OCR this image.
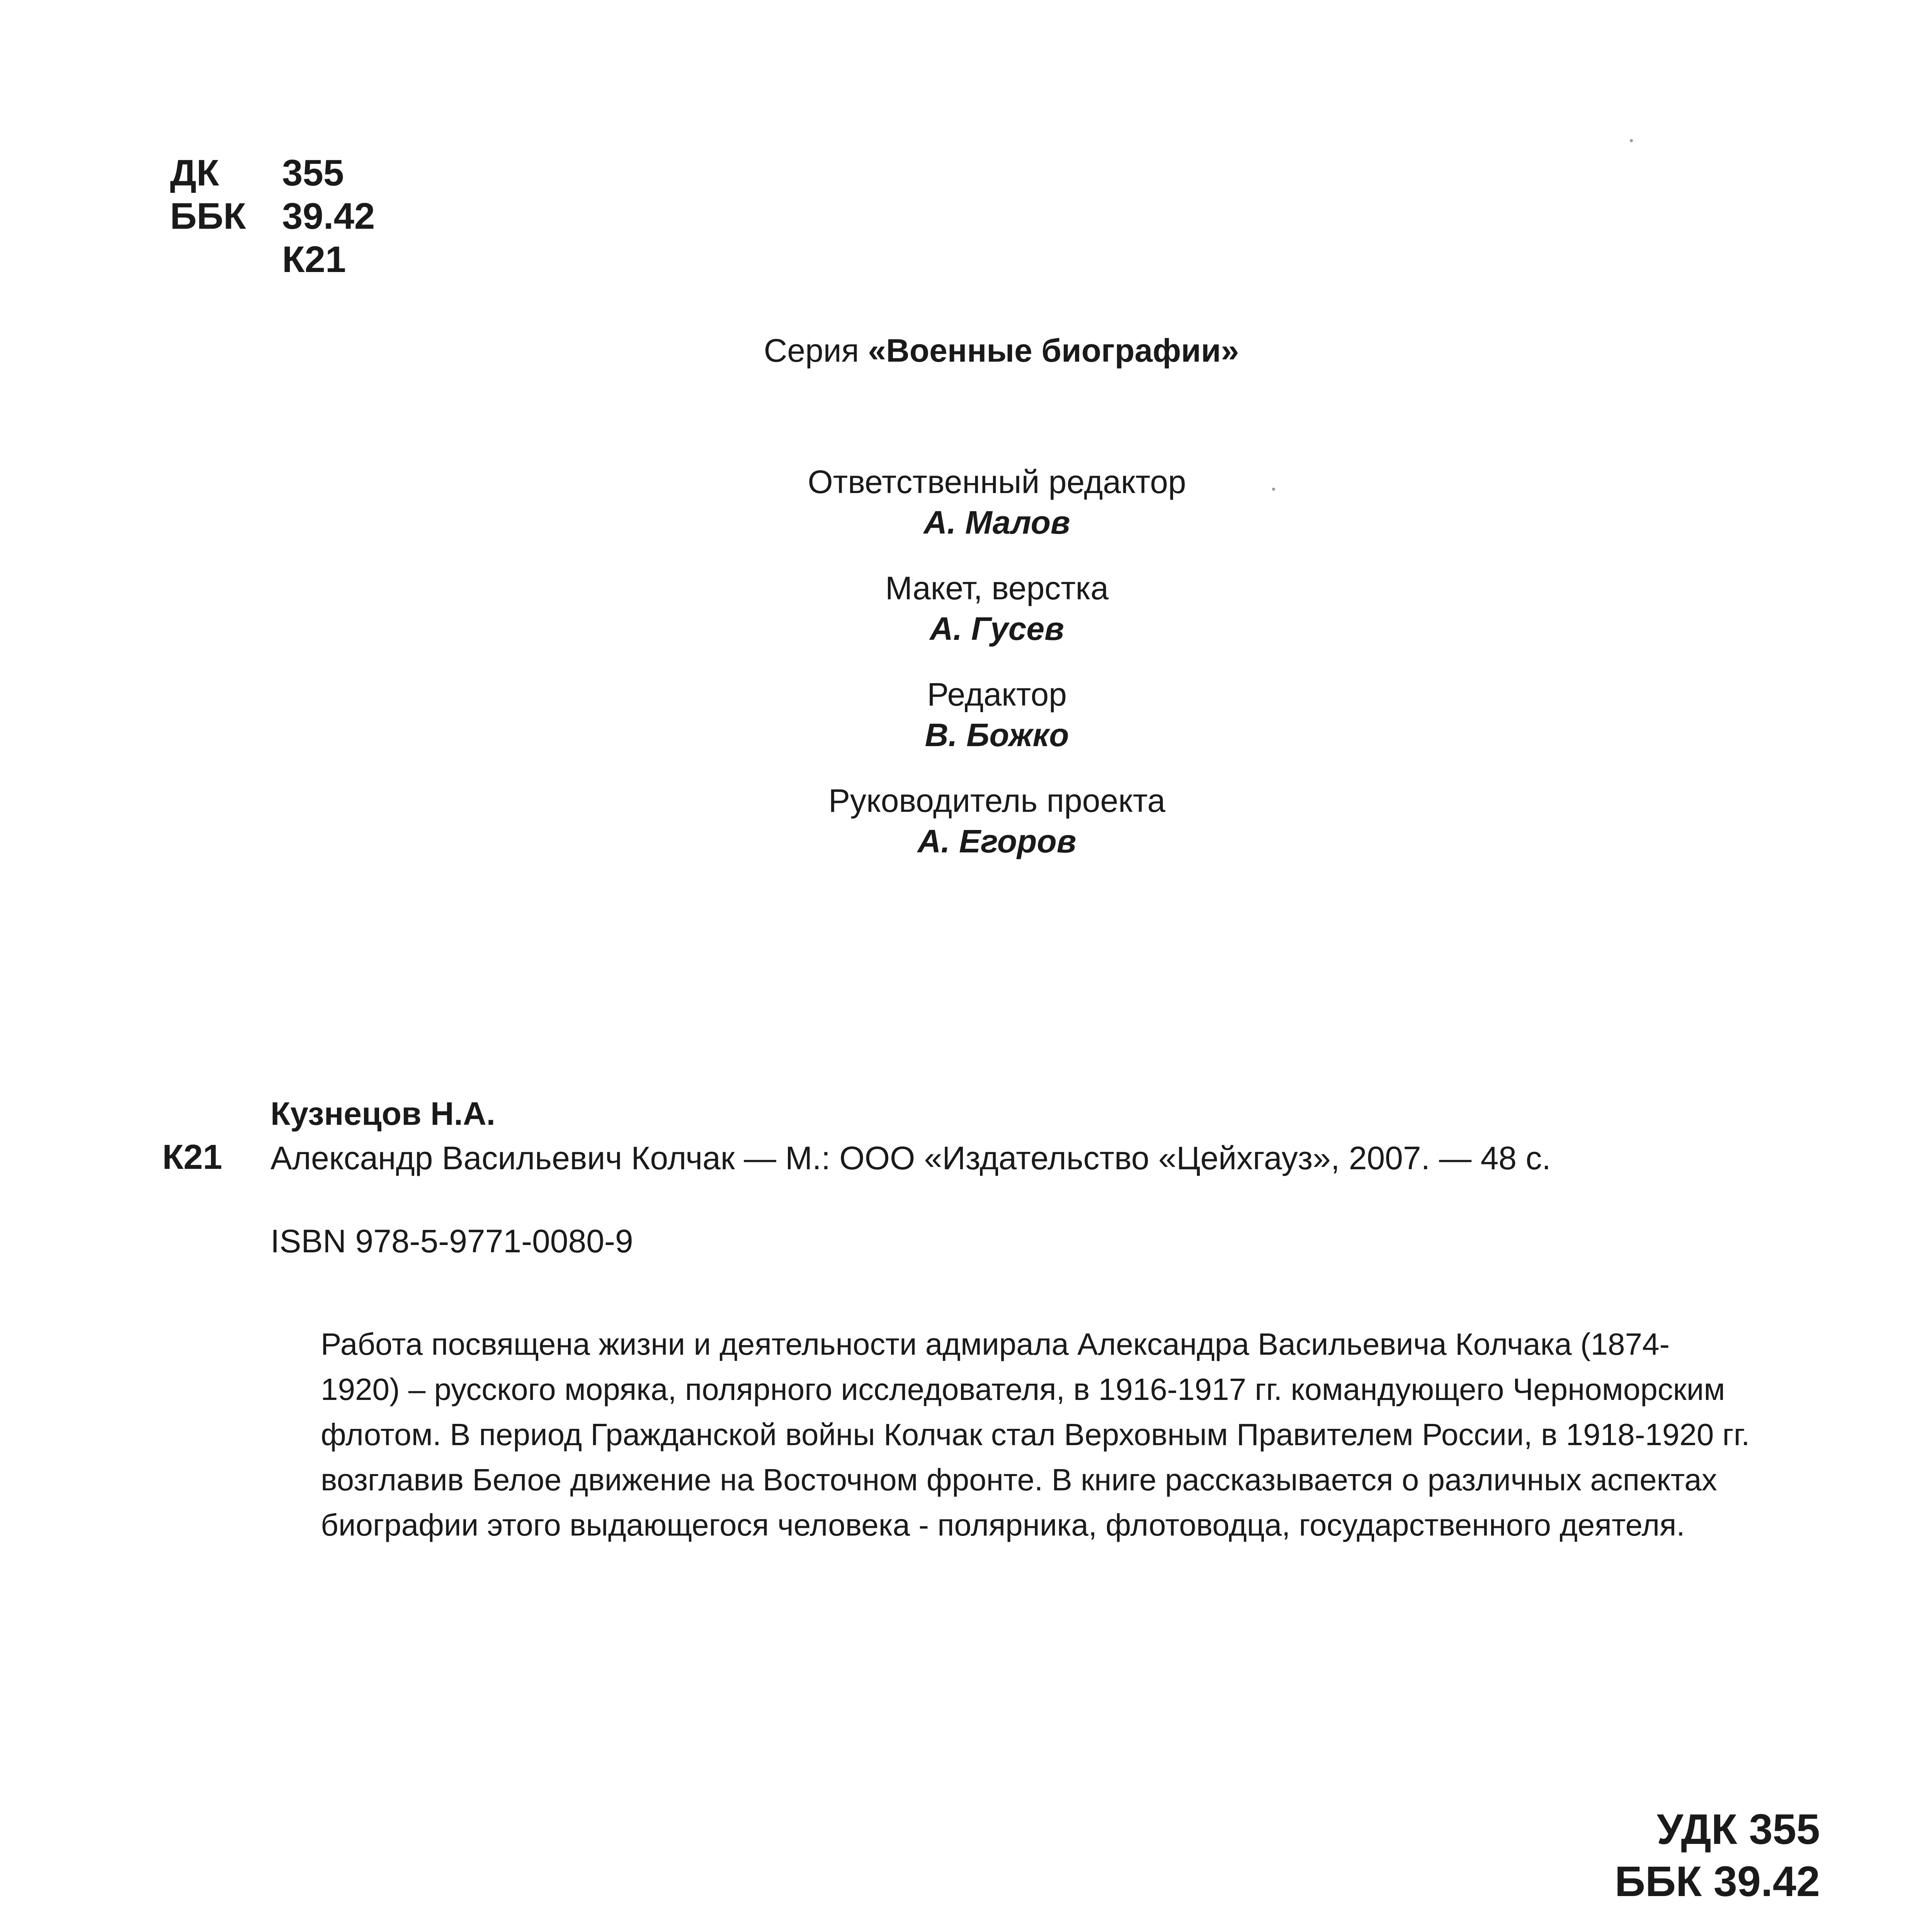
ДК 355
ББК 39.42
К21
Серия «Военные биографии»
Ответственный редактор
А. Малов
Макет, верстка
А. Гусев
Редактор
В. Божко
Руководитель проекта
А. Егоров
Кузнецов Н.А.
К21 Александр Васильевич Колчак — М.: ООО «Издательство «Цейхгауз», 2007. — 48 с.
ISBN 978-5-9771-0080-9

Работа посвящена жизни и деятельности адмирала Александра Васильевича Колчака (1874-

1920) – русского моряка, полярного исследователя, в 1916-1917 гг. командующего Черноморским

флотом. В период Гражданской войны Колчак стал Верховным Правителем России, в 1918-1920 гг.

возглавив Белое движение на Восточном фронте. В книге рассказывается о различных аспектах

биографии этого выдающегося человека - полярника, флотоводца, государственного деятеля.

УДК 355
ББК 39.42
